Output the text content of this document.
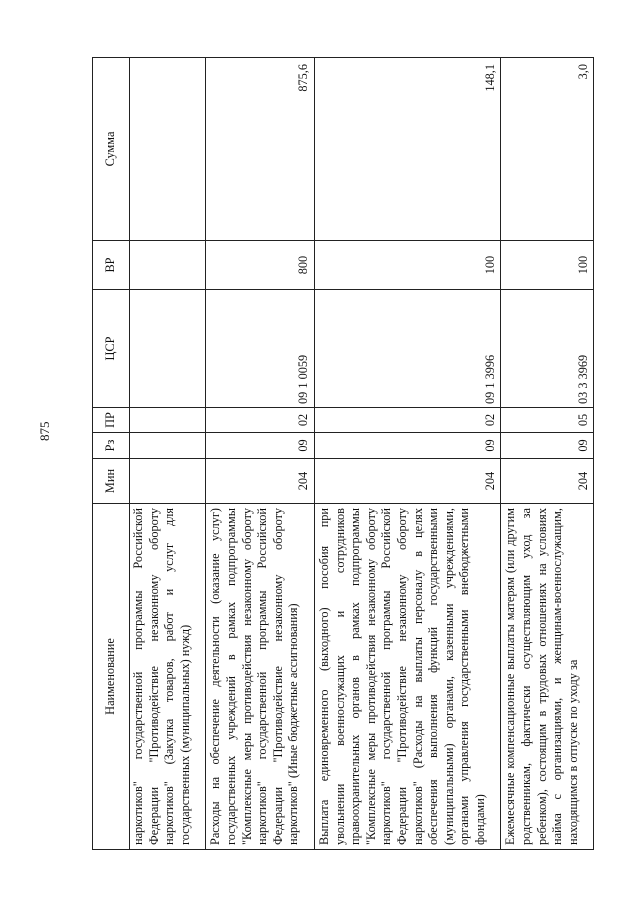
875
Наименование	Мин	Рз	ПР	ЦСР	ВР	Сумма
наркотиков" государственной программы Российской Федерации "Противодействие незаконному обороту наркотиков" (Закупка товаров, работ и услуг для государственных (муниципальных) нужд)						
Расходы на обеспечение деятельности (оказание услуг) государственных учреждений в рамках подпрограммы "Комплексные меры противодействия незаконному обороту наркотиков" государственной программы Российской Федерации "Противодействие незаконному обороту наркотиков" (Иные бюджетные ассигнования)	204	09	02	09 1 0059	800	875,6
Выплата единовременного (выходного) пособия при увольнении военнослужащих и сотрудников правоохранительных органов в рамках подпрограммы "Комплексные меры противодействия незаконному обороту наркотиков" государственной программы Российской Федерации "Противодействие незаконному обороту наркотиков" (Расходы на выплаты персоналу в целях обеспечения выполнения функций государственными (муниципальными) органами, казенными учреждениями, органами управления государственными внебюджетными фондами)	204	09	02	09 1 3996	100	148,1
Ежемесячные компенсационные выплаты матерям (или другим родственникам, фактически осуществляющим уход за ребенком), состоящим в трудовых отношениях на условиях найма с организациями, и женщинам-военнослужащим, находящимся в отпуске по уходу за	204	09	05	03 3 3969	100	3,0
